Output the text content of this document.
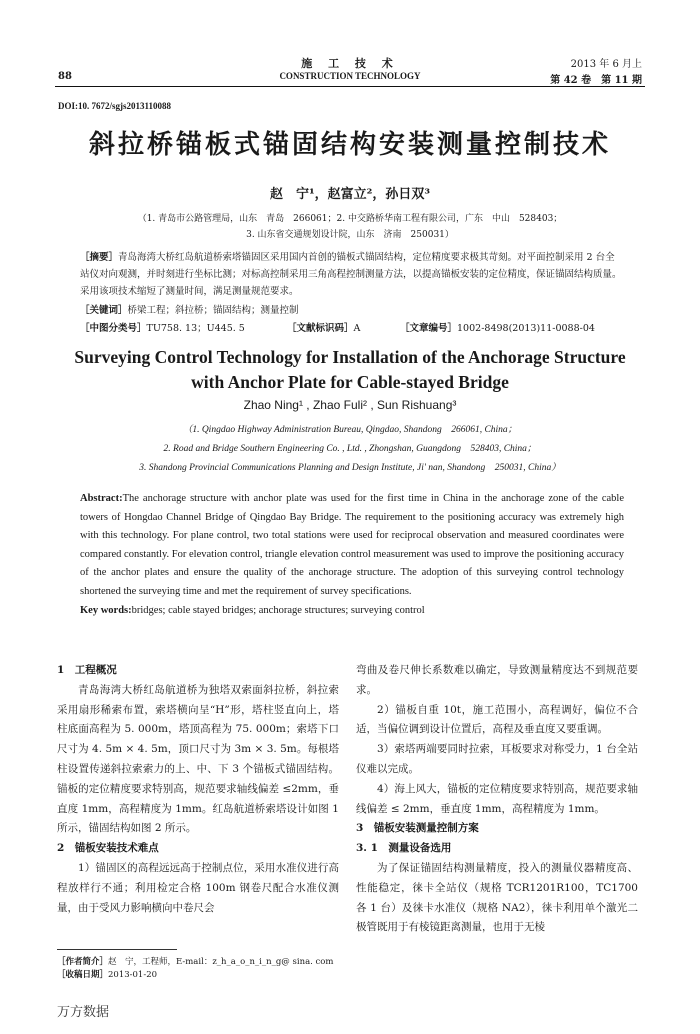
施 工 技 术
CONSTRUCTION TECHNOLOGY
88
2013 年 6 月上
第 42 卷　第 11 期
DOI:10. 7672/sgjs2013110088
斜拉桥锚板式锚固结构安装测量控制技术
赵　宁¹，赵富立²，孙日双³
（1. 青岛市公路管理局，山东　青岛　266061；2. 中交路桥华南工程有限公司，广东　中山　528403；
3. 山东省交通规划设计院，山东　济南　250031）
［摘要］青岛海湾大桥红岛航道桥索塔锚固区采用国内首创的锚板式锚固结构，定位精度要求极其苛刻。对平面控制采用 2 台全站仪对向观测，并时刻进行坐标比测；对标高控制采用三角高程控制测量方法，以提高锚板安装的定位精度，保证锚固结构质量。采用该项技术缩短了测量时间，满足测量规范要求。
［关键词］桥梁工程；斜拉桥；锚固结构；测量控制
［中图分类号］TU758. 13；U445. 5	［文献标识码］A	［文章编号］1002-8498(2013)11-0088-04
Surveying Control Technology for Installation of the Anchorage Structure
with Anchor Plate for Cable-stayed Bridge
Zhao Ning¹ , Zhao Fuli² , Sun Rishuang³
（1. Qingdao Highway Administration Bureau, Qingdao, Shandong　266061, China；
2. Road and Bridge Southern Engineering Co. , Ltd. , Zhongshan, Guangdong　528403, China；
3. Shandong Provincial Communications Planning and Design Institute, Ji' nan, Shandong　250031, China）
Abstract:The anchorage structure with anchor plate was used for the first time in China in the anchorage zone of the cable towers of Hongdao Channel Bridge of Qingdao Bay Bridge. The requirement to the positioning accuracy was extremely high with this technology. For plane control, two total stations were used for reciprocal observation and measured coordinates were compared constantly. For elevation control, triangle elevation control measurement was used to improve the positioning accuracy of the anchor plates and ensure the quality of the anchorage structure. The adoption of this surveying control technology shortened the surveying time and met the requirement of survey specifications.
Key words:bridges; cable stayed bridges; anchorage structures; surveying control
1　工程概况

青岛海湾大桥红岛航道桥为独塔双索面斜拉桥，斜拉索采用扇形稀索布置，索塔横向呈“H”形，塔柱竖直向上，塔柱底面高程为 5. 000m，塔顶高程为 75. 000m；索塔下口尺寸为 4. 5m × 4. 5m，顶口尺寸为 3m × 3. 5m。每根塔柱设置传递斜拉索索力的上、中、下 3 个锚板式锚固结构。锚板的定位精度要求特别高，规范要求轴线偏差 ≤2mm，垂直度 1mm，高程精度为 1mm。红岛航道桥索塔设计如图 1 所示，锚固结构如图 2 所示。

2　锚板安装技术难点

1）锚固区的高程远远高于控制点位，采用水准仪进行高程放样行不通；利用检定合格 100m 钢卷尺配合水准仪测量，由于受风力影响横向中卷尺会

弯曲及卷尺伸长系数难以确定，导致测量精度达不到规范要求。

2）锚板自重 10t，施工范围小，高程调好，偏位不合适，当偏位调到设计位置后，高程及垂直度又要重调。

3）索塔两端要同时拉索，耳板要求对称受力，1 台全站仪难以完成。

4）海上风大，锚板的定位精度要求特别高，规范要求轴线偏差 ≤ 2mm，垂直度 1mm，高程精度为 1mm。

3　锚板安装测量控制方案
3. 1　测量设备选用

为了保证锚固结构测量精度，投入的测量仪器精度高、性能稳定，徕卡全站仪（规格 TCR1201R100，TC1700 各 1 台）及徕卡水准仪（规格 NA2），徕卡利用单个激光二极管既用于有棱镜距离测量，也用于无棱

［作者简介］赵　宁，工程师，E-mail：z_h_a_o_n_i_n_g@ sina. com
［收稿日期］2013-01-20
万方数据
